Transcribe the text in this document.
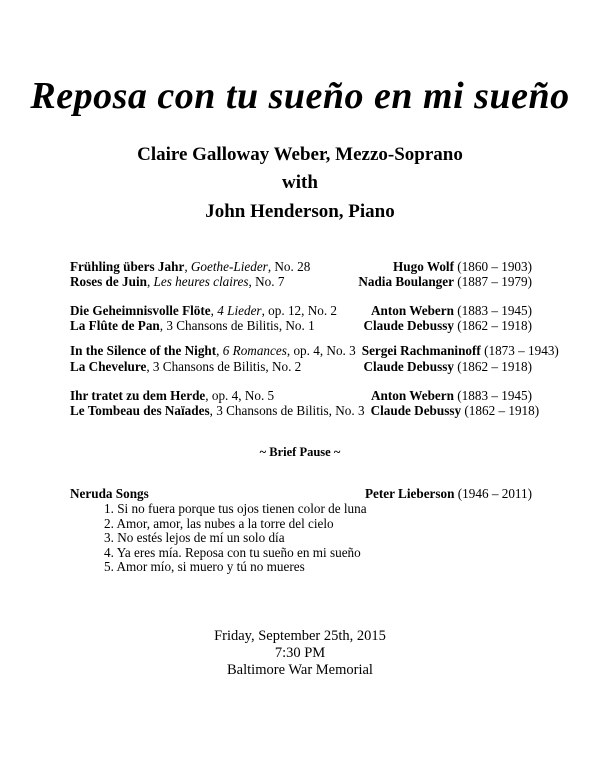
Reposa con tu sueño en mi sueño
Claire Galloway Weber, Mezzo-Soprano
with
John Henderson, Piano
Frühling übers Jahr, Goethe-Lieder, No. 28	Hugo Wolf (1860 – 1903)
Roses de Juin, Les heures claires, No. 7	Nadia Boulanger (1887 – 1979)
Die Geheimnisvolle Flöte, 4 Lieder, op. 12, No. 2	Anton Webern (1883 – 1945)
La Flûte de Pan, 3 Chansons de Bilitis, No. 1	Claude Debussy (1862 – 1918)
In the Silence of the Night, 6 Romances, op. 4, No. 3 Sergei Rachmaninoff (1873 – 1943)
La Chevelure, 3 Chansons de Bilitis, No. 2	Claude Debussy (1862 – 1918)
Ihr tratet zu dem Herde, op. 4, No. 5	Anton Webern (1883 – 1945)
Le Tombeau des Naïades, 3 Chansons de Bilitis, No. 3 Claude Debussy (1862 – 1918)
~ Brief Pause ~
Neruda Songs	Peter Lieberson (1946 – 2011)
1. Si no fuera porque tus ojos tienen color de luna
2. Amor, amor, las nubes a la torre del cielo
3. No estés lejos de mí un solo día
4. Ya eres mía. Reposa con tu sueño en mi sueño
5. Amor mío, si muero y tú no mueres
Friday, September 25th, 2015
7:30 PM
Baltimore War Memorial
